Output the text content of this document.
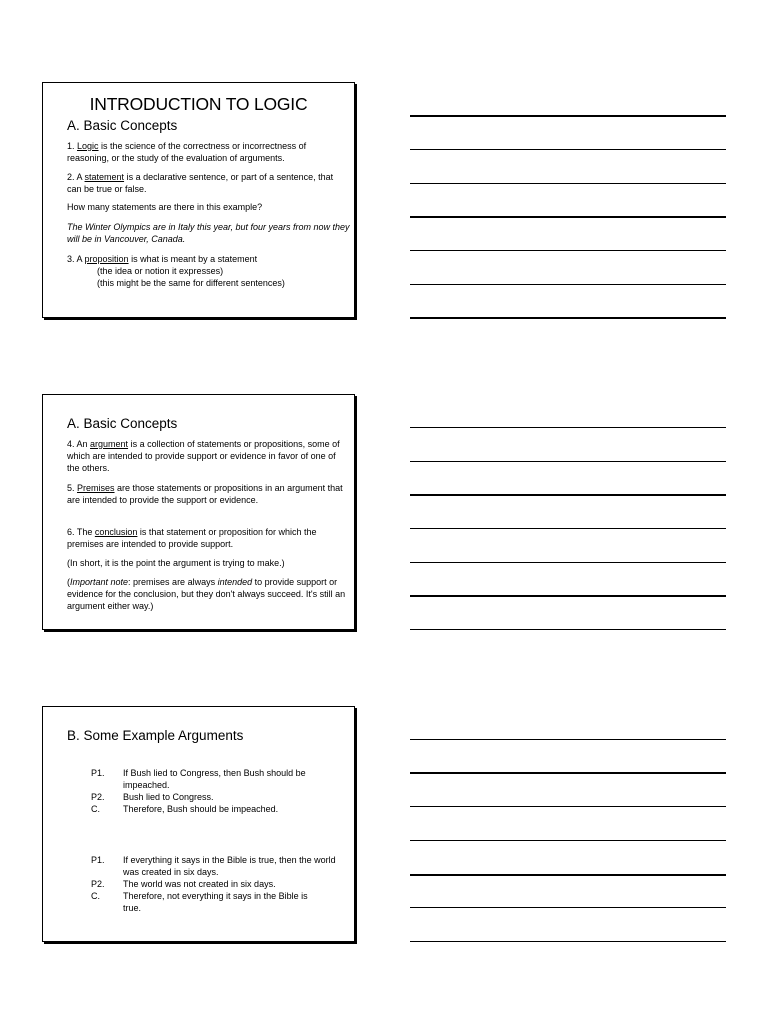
INTRODUCTION TO LOGIC
A. Basic Concepts

1. Logic is the science of the correctness or incorrectness of reasoning, or the study of the evaluation of arguments.

2. A statement is a declarative sentence, or part of a sentence, that can be true or false.

How many statements are there in this example?

The Winter Olympics are in Italy this year, but four years from now they will be in Vancouver, Canada.

3. A proposition is what is meant by a statement

(the idea or notion it expresses)

(this might be the same for different sentences)

A. Basic Concepts

4. An argument is a collection of statements or propositions, some of which are intended to provide support or evidence in favor of one of the others.

5. Premises are those statements or propositions in an argument that are intended to provide the support or evidence.

6. The conclusion is that statement or proposition for which the premises are intended to provide support.

(In short, it is the point the argument is trying to make.)

(Important note: premises are always intended to provide support or evidence for the conclusion, but they don't always succeed. It's still an argument either way.)

B. Some Example Arguments
P1. If Bush lied to Congress, then Bush should be impeached.
P2. Bush lied to Congress.
C.	Therefore, Bush should be impeached.
P1. If everything it says in the Bible is true, then the world was created in six days.
P2. The world was not created in six days.
C.	Therefore, not everything it says in the Bible is true.
